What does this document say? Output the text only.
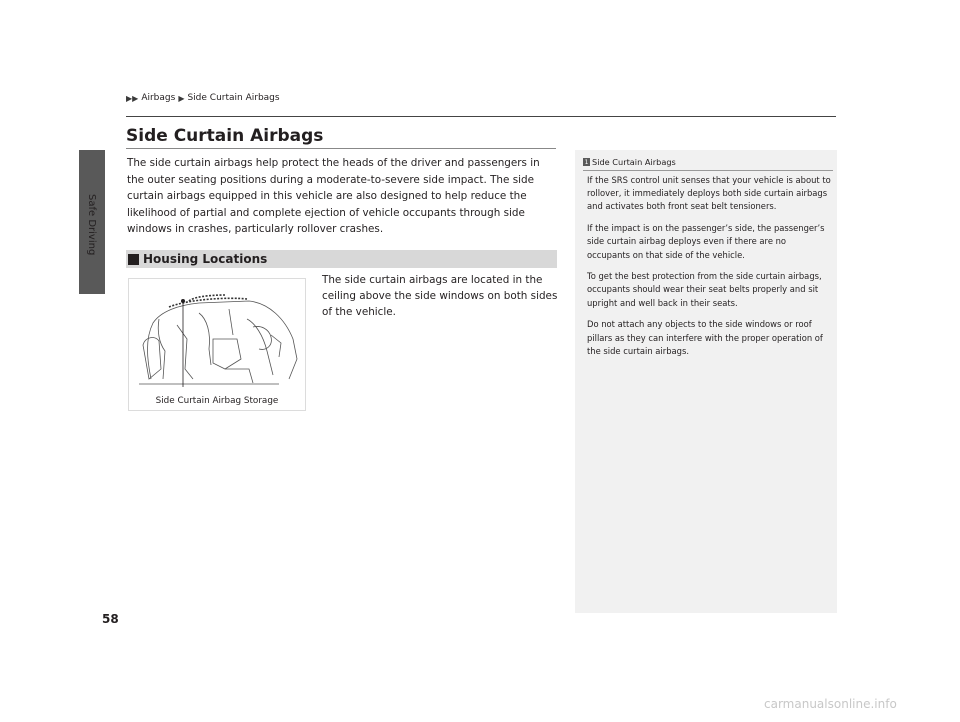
Safe Driving
▶▶ Airbags ▶ Side Curtain Airbags
Side Curtain Airbags

The side curtain airbags help protect the heads of the driver and passengers in the outer seating positions during a moderate-to-severe side impact. The side curtain airbags equipped in this vehicle are also designed to help reduce the likelihood of partial and complete ejection of vehicle occupants through side windows in crashes, particularly rollover crashes.

Housing Locations
Side Curtain Airbag Storage

The side curtain airbags are located in the ceiling above the side windows on both sides of the vehicle.

1 Side Curtain Airbags

If the SRS control unit senses that your vehicle is about to rollover, it immediately deploys both side curtain airbags and activates both front seat belt tensioners.

If the impact is on the passenger’s side, the passenger’s side curtain airbag deploys even if there are no occupants on that side of the vehicle.

To get the best protection from the side curtain airbags, occupants should wear their seat belts properly and sit upright and well back in their seats.

Do not attach any objects to the side windows or roof pillars as they can interfere with the proper operation of the side curtain airbags.

58
carmanualsonline.info
